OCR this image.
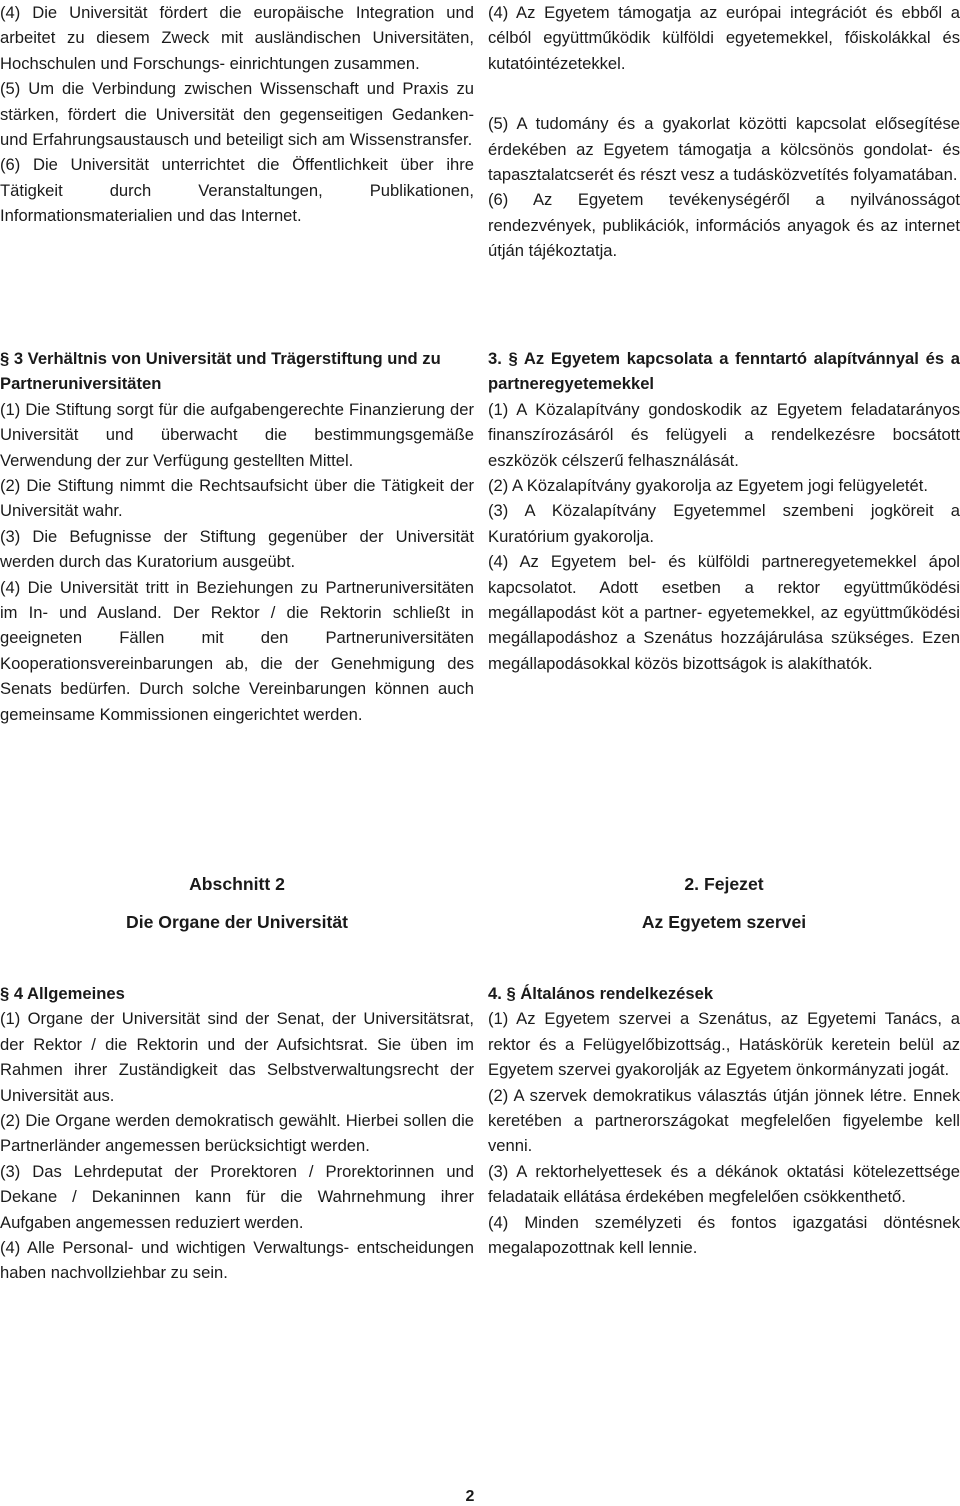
(4) Die Universität fördert die europäische Integration und arbeitet zu diesem Zweck mit ausländischen Universitäten, Hochschulen und Forschungs- einrichtungen zusammen.

(5) Um die Verbindung zwischen Wissenschaft und Praxis zu stärken, fördert die Universität den gegenseitigen Gedanken- und Erfahrungsaustausch und beteiligt sich am Wissenstransfer.

(6) Die Universität unterrichtet die Öffentlichkeit über ihre Tätigkeit durch Veranstaltungen, Publikationen, Informationsmaterialien und das Internet.

(4) Az Egyetem támogatja az európai integrációt és ebből a célból együttműködik külföldi egyetemekkel, főiskolákkal és kutatóintézetekkel.

(5) A tudomány és a gyakorlat közötti kapcsolat elősegítése érdekében az Egyetem támogatja a kölcsönös gondolat- és tapasztalatcserét és részt vesz a tudásközvetítés folyamatában.

(6) Az Egyetem tevékenységéről a nyilvánosságot rendezvények, publikációk, információs anyagok és az internet útján tájékoztatja.

§ 3 Verhältnis von Universität und Trägerstiftung und zu Partneruniversitäten

(1) Die Stiftung sorgt für die aufgabengerechte Finanzierung der Universität und überwacht die bestimmungsgemäße Verwendung der zur Verfügung gestellten Mittel.

(2) Die Stiftung nimmt die Rechtsaufsicht über die Tätigkeit der Universität wahr.

(3) Die Befugnisse der Stiftung gegenüber der Universität werden durch das Kuratorium ausgeübt.

(4) Die Universität tritt in Beziehungen zu Partneruniversitäten im In- und Ausland. Der Rektor / die Rektorin schließt in geeigneten Fällen mit den Partneruniversitäten Kooperationsvereinbarungen ab, die der Genehmigung des Senats bedürfen. Durch solche Vereinbarungen können auch gemeinsame Kommissionen eingerichtet werden.

3. § Az Egyetem kapcsolata a fenntartó alapítvánnyal és a partneregyetemekkel

(1) A Közalapítvány gondoskodik az Egyetem feladatarányos finanszírozásáról és felügyeli a rendelkezésre bocsátott eszközök célszerű felhasználását.

(2) A Közalapítvány gyakorolja az Egyetem jogi felügyeletét.

(3) A Közalapítvány Egyetemmel szembeni jogköreit a Kuratórium gyakorolja.

(4) Az Egyetem bel- és külföldi partneregyetemekkel ápol kapcsolatot. Adott esetben a rektor együttműködési megállapodást köt a partner- egyetemekkel, az együttműködési megállapodáshoz a Szenátus hozzájárulása szükséges. Ezen megállapodásokkal közös bizottságok is alakíthatók.

Abschnitt 2

Die Organe der Universität

2. Fejezet

Az Egyetem szervei

§ 4 Allgemeines

(1) Organe der Universität sind der Senat, der Universitätsrat, der Rektor / die Rektorin und der Aufsichtsrat. Sie üben im Rahmen ihrer Zuständigkeit das Selbstverwaltungsrecht der Universität aus.

(2) Die Organe werden demokratisch gewählt. Hierbei sollen die Partnerländer angemessen berücksichtigt werden.

(3) Das Lehrdeputat der Prorektoren / Prorektorinnen und Dekane / Dekaninnen kann für die Wahrnehmung ihrer Aufgaben angemessen reduziert werden.

(4) Alle Personal- und wichtigen Verwaltungs- entscheidungen haben nachvollziehbar zu sein.

4. § Általános rendelkezések

(1) Az Egyetem szervei a Szenátus, az Egyetemi Tanács, a rektor és a Felügyelőbizottság., Hatáskörük keretein belül az Egyetem szervei gyakorolják az Egyetem önkormányzati jogát.

(2) A szervek demokratikus választás útján jönnek létre. Ennek keretében a partnerországokat megfelelően figyelembe kell venni.

(3) A rektorhelyettesek és a dékánok oktatási kötelezettsége feladataik ellátása érdekében megfelelően csökkenthető.

(4) Minden személyzeti és fontos igazgatási döntésnek megalapozottnak kell lennie.

2
